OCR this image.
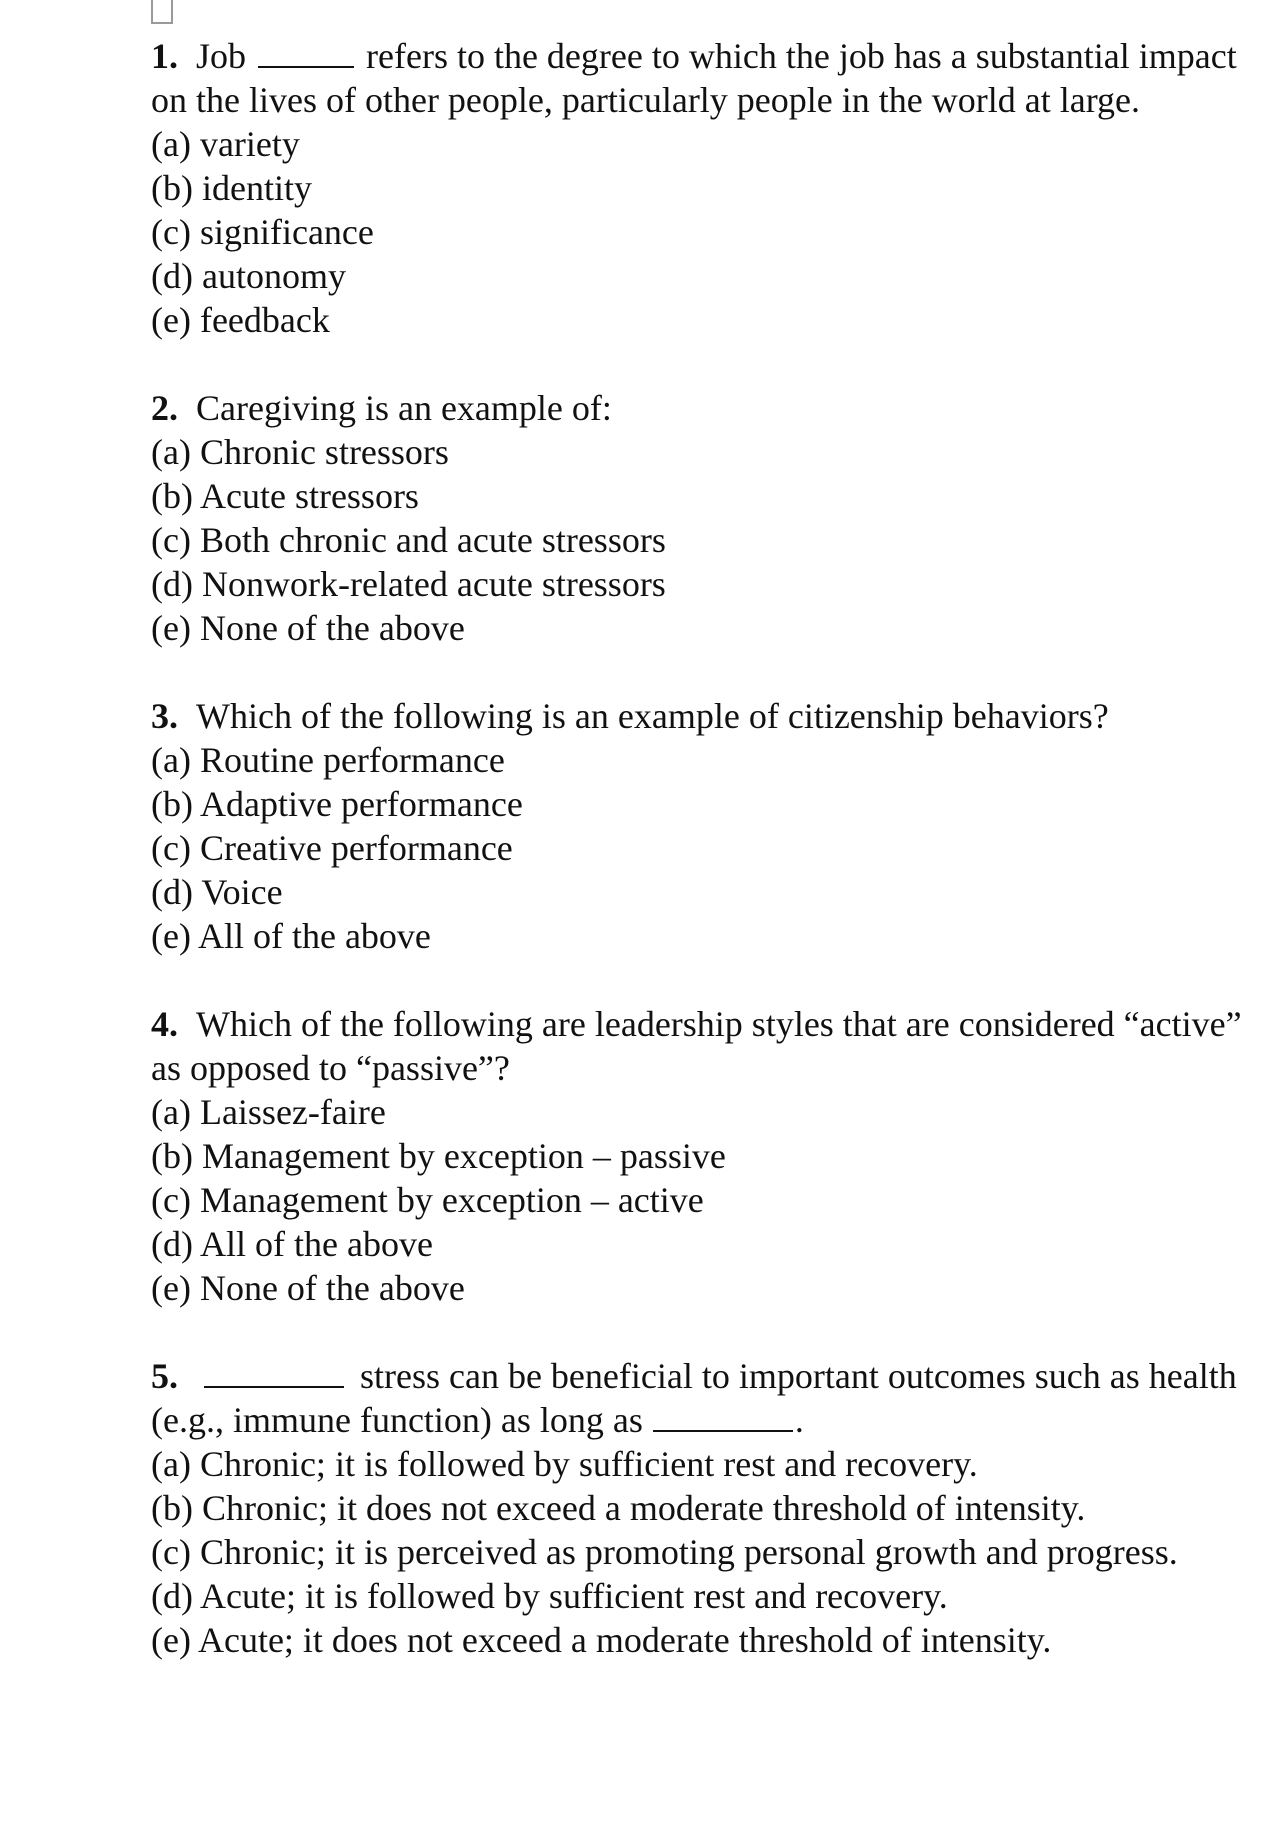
1. Job	refers to the degree to which the job has a substantial impact on the lives of other people, particularly people in the world at large.

(a) variety

(b) identity

(c) significance

(d) autonomy

(e) feedback

2. Caregiving is an example of:

(a) Chronic stressors

(b) Acute stressors

(c) Both chronic and acute stressors

(d) Nonwork-related acute stressors

(e) None of the above

3. Which of the following is an example of citizenship behaviors?

(a) Routine performance

(b) Adaptive performance

(c) Creative performance

(d) Voice

(e) All of the above

4. Which of the following are leadership styles that are considered “active” as opposed to “passive”?

(a) Laissez-faire

(b) Management by exception – passive

(c) Management by exception – active

(d) All of the above

(e) None of the above

5.	stress can be beneficial to important outcomes such as health (e.g., immune function) as long as	.

(a) Chronic; it is followed by sufficient rest and recovery.

(b) Chronic; it does not exceed a moderate threshold of intensity.

(c) Chronic; it is perceived as promoting personal growth and progress.

(d) Acute; it is followed by sufficient rest and recovery.

(e) Acute; it does not exceed a moderate threshold of intensity.
